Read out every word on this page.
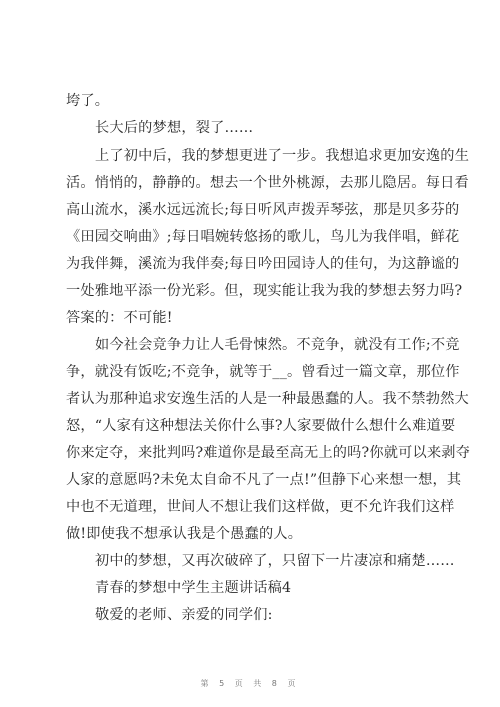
垮了。
长大后的梦想，裂了……
上了初中后，我的梦想更进了一步。我想追求更加安逸的生
活。悄悄的，静静的。想去一个世外桃源，去那儿隐居。每日看
高山流水，溪水远远流长;每日听风声拨弄琴弦，那是贝多芬的
《田园交响曲》;每日唱婉转悠扬的歌儿，鸟儿为我伴唱，鲜花
为我伴舞，溪流为我伴奏;每日吟田园诗人的佳句，为这静谧的
一处雅地平添一份光彩。但，现实能让我为我的梦想去努力吗?
答案的：不可能!
如今社会竞争力让人毛骨悚然。不竞争，就没有工作;不竞
争，就没有饭吃;不竞争，就等于__。曾看过一篇文章，那位作
者认为那种追求安逸生活的人是一种最愚蠢的人。我不禁勃然大
怒，“人家有这种想法关你什么事?人家要做什么想什么难道要
你来定夺，来批判吗?难道你是最至高无上的吗?你就可以来剥夺
人家的意愿吗?未免太自命不凡了一点!”但静下心来想一想，其
中也不无道理，世间人不想让我们这样做，更不允许我们这样
做!即使我不想承认我是个愚蠢的人。
初中的梦想，又再次破碎了，只留下一片凄凉和痛楚……
青春的梦想中学生主题讲话稿4
敬爱的老师、亲爱的同学们:
第 5 页 共 8 页
